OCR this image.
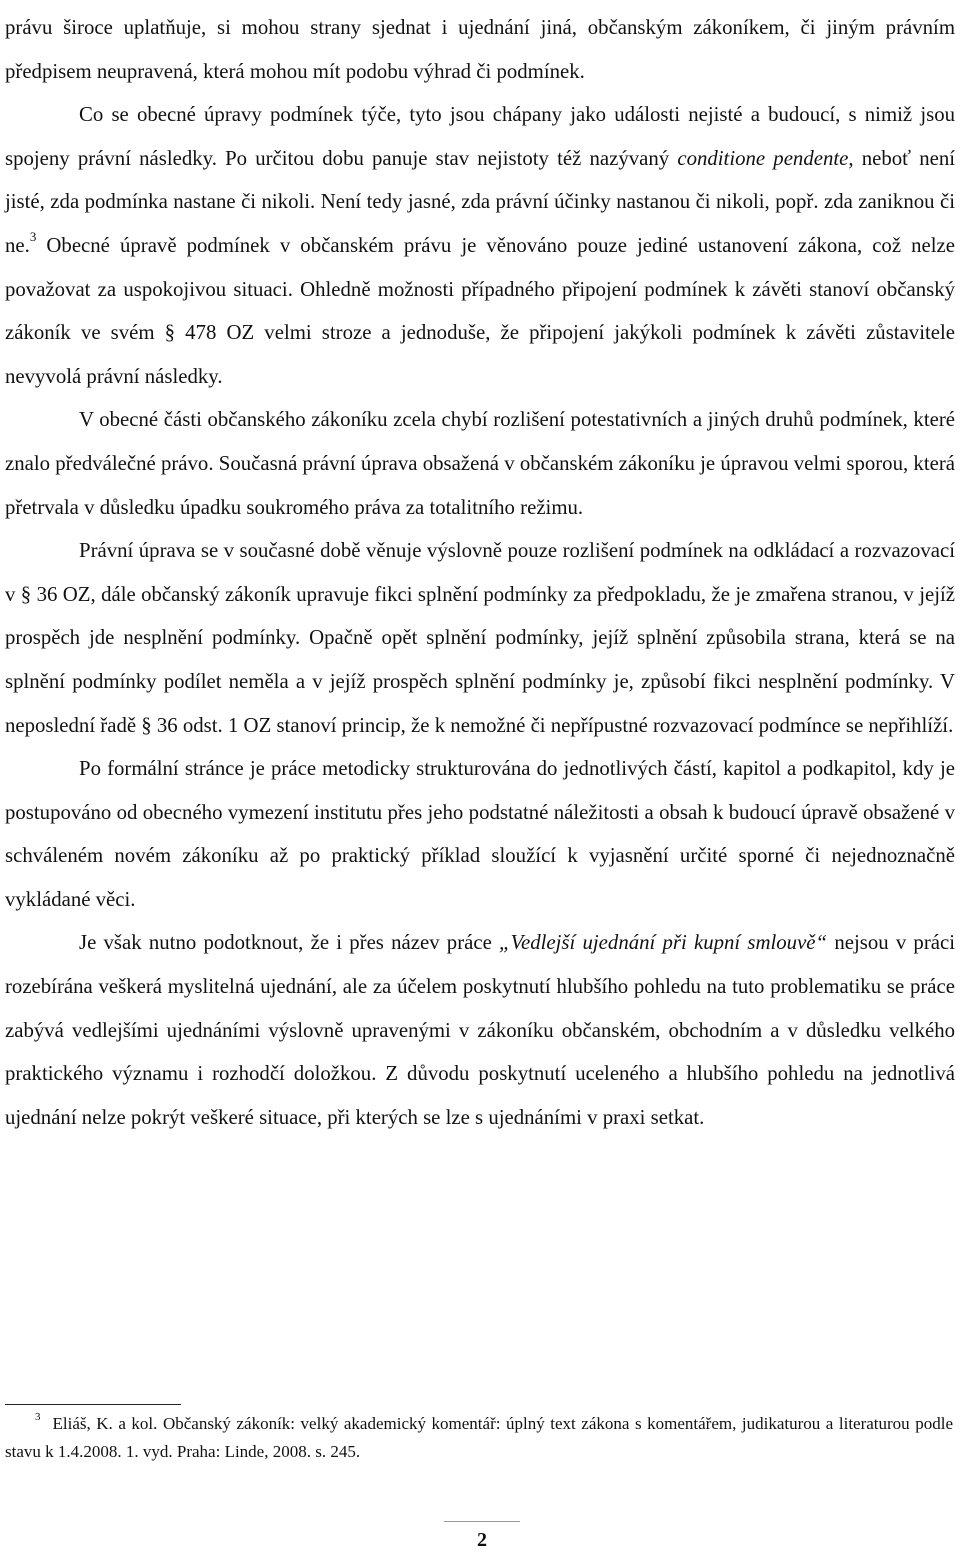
právu široce uplatňuje, si mohou strany sjednat i ujednání jiná, občanským zákoníkem, či jiným právním předpisem neupravená, která mohou mít podobu výhrad či podmínek.

Co se obecné úpravy podmínek týče, tyto jsou chápany jako události nejisté a budoucí, s nimiž jsou spojeny právní následky. Po určitou dobu panuje stav nejistoty též nazývaný conditione pendente, neboť není jisté, zda podmínka nastane či nikoli. Není tedy jasné, zda právní účinky nastanou či nikoli, popř. zda zaniknou či ne.$^3$ Obecné úpravě podmínek v občanském právu je věnováno pouze jediné ustanovení zákona, což nelze považovat za uspokojivou situaci. Ohledně možnosti případného připojení podmínek k závěti stanoví občanský zákoník ve svém § 478 OZ velmi stroze a jednoduše, že připojení jakýkoli podmínek k závěti zůstavitele nevyvolá právní následky.

V obecné části občanského zákoníku zcela chybí rozlišení potestativních a jiných druhů podmínek, které znalo předválečné právo. Současná právní úprava obsažená v občanském zákoníku je úpravou velmi sporou, která přetrvala v důsledku úpadku soukromého práva za totalitního režimu.

Právní úprava se v současné době věnuje výslovně pouze rozlišení podmínek na odkládací a rozvazovací v § 36 OZ, dále občanský zákoník upravuje fikci splnění podmínky za předpokladu, že je zmařena stranou, v jejíž prospěch jde nesplnění podmínky. Opačně opět splnění podmínky, jejíž splnění způsobila strana, která se na splnění podmínky podílet neměla a v jejíž prospěch splnění podmínky je, způsobí fikci nesplnění podmínky. V neposlední řadě § 36 odst. 1 OZ stanoví princip, že k nemožné či nepřípustné rozvazovací podmínce se nepřihlíží.

Po formální stránce je práce metodicky strukturována do jednotlivých částí, kapitol a podkapitol, kdy je postupováno od obecného vymezení institutu přes jeho podstatné náležitosti a obsah k budoucí úpravě obsažené v schváleném novém zákoníku až po praktický příklad sloužící k vyjasnění určité sporné či nejednoznačně vykládané věci.

Je však nutno podotknout, že i přes název práce „Vedlejší ujednání při kupní smlouvě“ nejsou v práci rozebírána veškerá myslitelná ujednání, ale za účelem poskytnutí hlubšího pohledu na tuto problematiku se práce zabývá vedlejšími ujednáními výslovně upravenými v zákoníku občanském, obchodním a v důsledku velkého praktického významu i rozhodčí doložkou. Z důvodu poskytnutí uceleného a hlubšího pohledu na jednotlivá ujednání nelze pokrýt veškeré situace, při kterých se lze s ujednáními v praxi setkat.

$^3$ Eliáš, K. a kol. Občanský zákoník: velký akademický komentář: úplný text zákona s komentářem, judikaturou a literaturou podle stavu k 1.4.2008. 1. vyd. Praha: Linde, 2008. s. 245.

2
